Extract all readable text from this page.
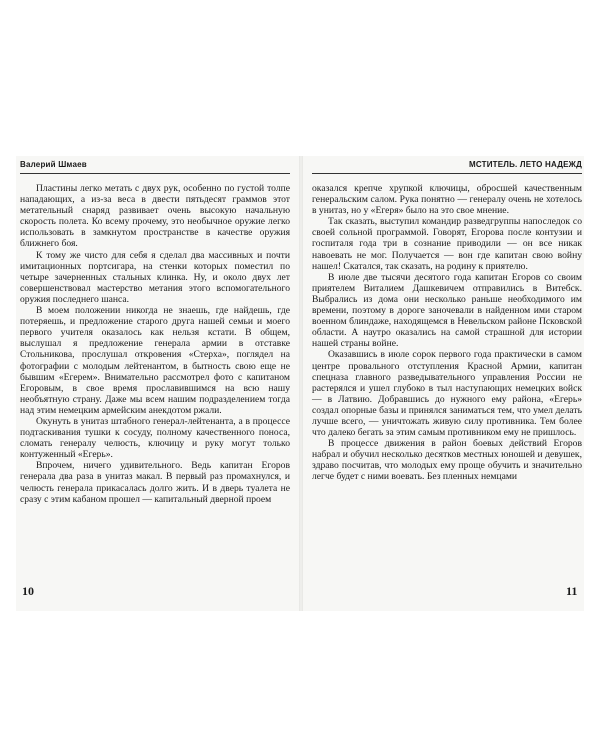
Валерий Шмаев

Пластины легко метать с двух рук, особенно по густой толпе нападающих, а из-за веса в двести пятьдесят граммов этот метательный снаряд развивает очень высокую начальную скорость полета. Ко всему прочему, это необычное оружие легко использовать в замкнутом пространстве в качестве оружия ближнего боя.

К тому же чисто для себя я сделал два массивных и почти имитационных портсигара, на стенки которых поместил по четыре зачерненных стальных клинка. Ну, и около двух лет совершенствовал мастерство метания этого вспомогательного оружия последнего шанса.

В моем положении никогда не знаешь, где найдешь, где потеряешь, и предложение старого друга нашей семьи и моего первого учителя оказалось как нельзя кстати. В общем, выслушал я предложение генерала армии в отставке Стольникова, прослушал откровения «Стерха», поглядел на фотографии с молодым лейтенантом, в бытность свою еще не бывшим «Егерем». Внимательно рассмотрел фото с капитаном Егоровым, в свое время прославившимся на всю нашу необъятную страну. Даже мы всем нашим подразделением тогда над этим немецким армейским анекдотом ржали.

Окунуть в унитаз штабного генерал-лейтенанта, а в процессе подтаскивания тушки к сосуду, полному качественного поноса, сломать генералу челюсть, ключицу и руку могут только контуженный «Егерь».

Впрочем, ничего удивительного. Ведь капитан Егоров генерала два раза в унитаз макал. В первый раз промахнулся, и челюсть генерала прикасалась долго жить. И в дверь туалета не сразу с этим кабаном прошел — капитальный дверной проем

МСТИТЕЛЬ. ЛЕТО НАДЕЖД

оказался крепче хрупкой ключицы, обросшей качественным генеральским салом. Рука понятно — генералу очень не хотелось в унитаз, но у «Егеря» было на это свое мнение.

Так сказать, выступил командир разведгруппы напоследок со своей сольной программой. Говорят, Егорова после контузии и госпиталя года три в сознание приводили — он все никак навоевать не мог. Получается — вон где капитан свою войну нашел! Скатался, так сказать, на родину к приятелю.

В июле две тысячи десятого года капитан Егоров со своим приятелем Виталием Дашкевичем отправились в Витебск. Выбрались из дома они несколько раньше необходимого им времени, поэтому в дороге заночевали в найденном ими старом военном блиндаже, находящемся в Невельском районе Псковской области. А наутро оказались на самой страшной для истории нашей страны войне.

Оказавшись в июле сорок первого года практически в самом центре провального отступления Красной Армии, капитан спецназа главного разведывательного управления России не растерялся и ушел глубоко в тыл наступающих немецких войск — в Латвию. Добравшись до нужного ему района, «Егерь» создал опорные базы и принялся заниматься тем, что умел делать лучше всего, — уничтожать живую силу противника. Тем более что далеко бегать за этим самым противником ему не пришлось.

В процессе движения в район боевых действий Егоров набрал и обучил несколько десятков местных юношей и девушек, здраво посчитав, что молодых ему проще обучить и значительно легче будет с ними воевать. Без пленных немцами

10	11
